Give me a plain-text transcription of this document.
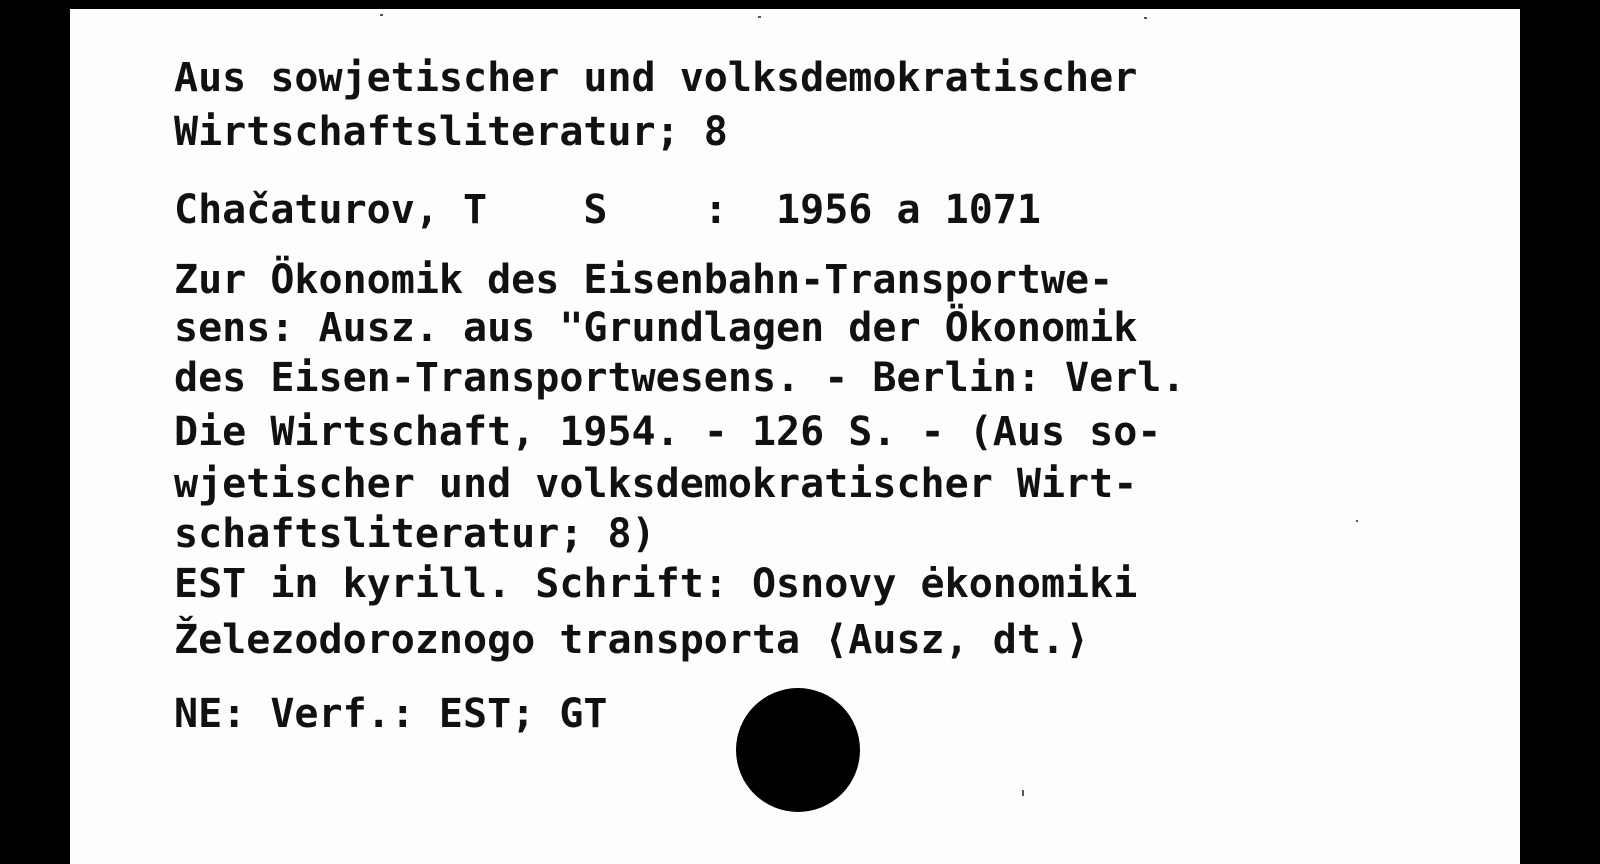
Aus sowjetischer und volksdemokratischer

Wirtschaftsliteratur; 8

Chačaturov, T    S    :  1956 a 1071

Zur Ökonomik des Eisenbahn-Transportwe-

sens: Ausz. aus "Grundlagen der Ökonomik

des Eisen-Transportwesens. - Berlin: Verl.

Die Wirtschaft, 1954. - 126 S. - (Aus so-

wjetischer und volksdemokratischer Wirt-

schaftsliteratur; 8)

EST in kyrill. Schrift: Osnovy ėkonomiki

Železodoroznogo transporta ⟨Ausz, dt.⟩

NE: Verf.: EST; GT
